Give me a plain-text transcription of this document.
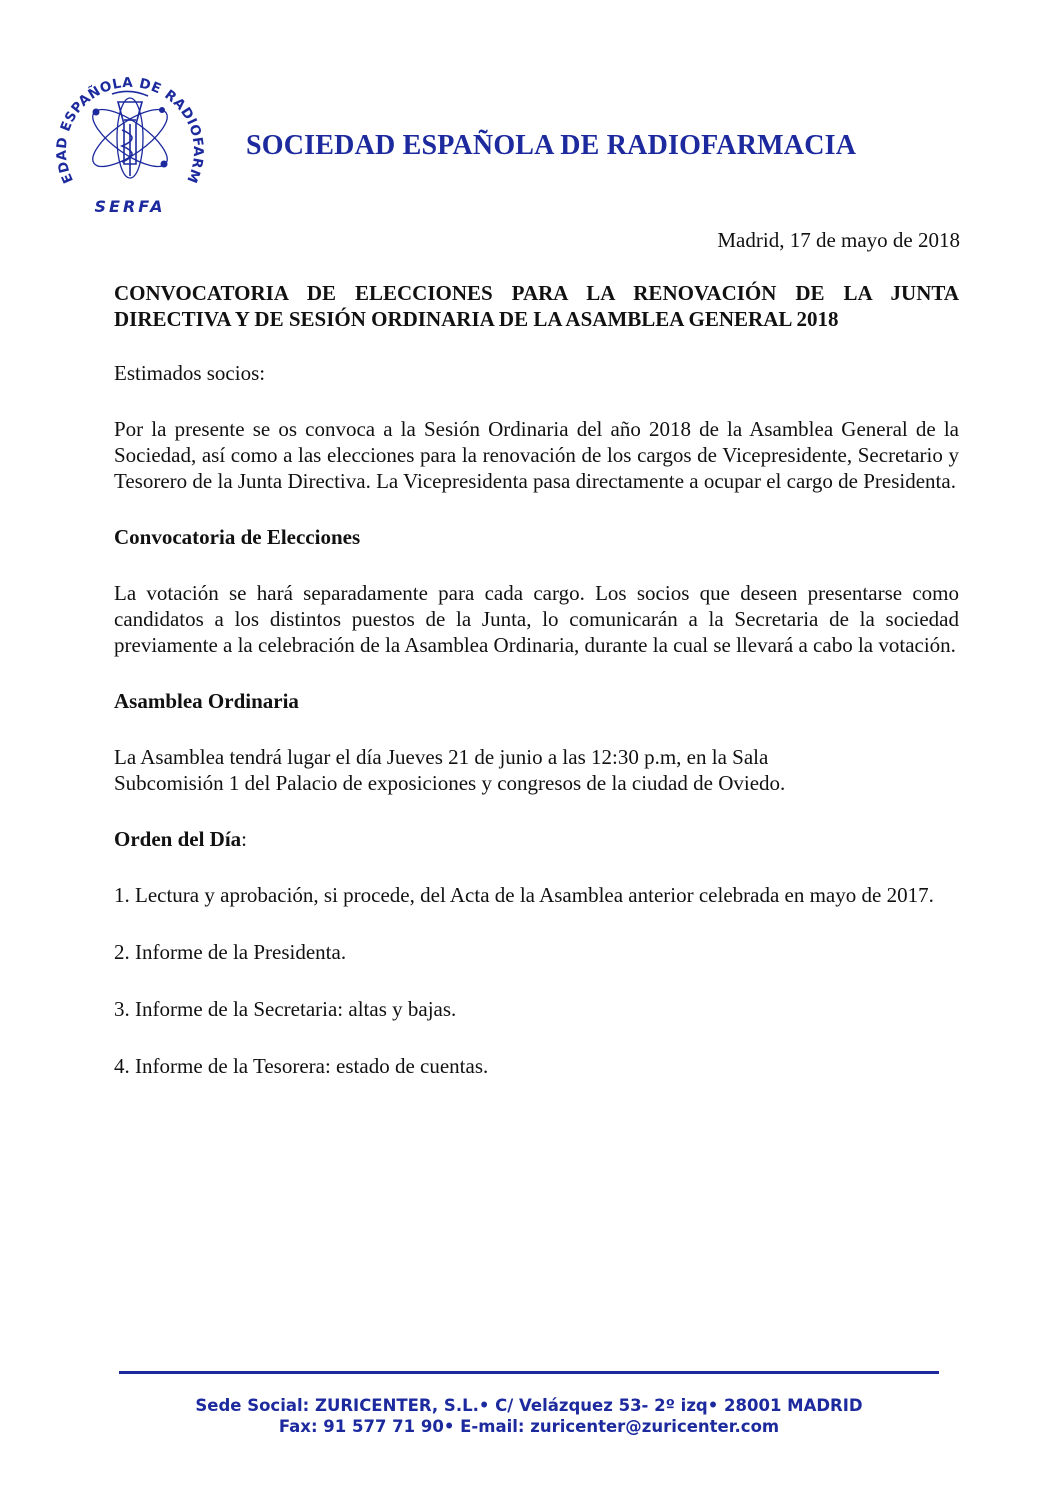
EDAD ESPAÑOLA DE RADIOFARM
SERFA
SOCIEDAD ESPAÑOLA DE RADIOFARMACIA
Madrid, 17 de mayo de 2018

CONVOCATORIA DE ELECCIONES PARA LA RENOVACIÓN DE LA JUNTA DIRECTIVA Y DE SESIÓN ORDINARIA DE LA ASAMBLEA GENERAL 2018

Estimados socios:

Por la presente se os convoca a la Sesión Ordinaria del año 2018 de la Asamblea General de la Sociedad, así como a las elecciones para la renovación de los cargos de Vicepresidente, Secretario y Tesorero de la Junta Directiva. La Vicepresidenta pasa directamente a ocupar el cargo de Presidenta.

Convocatoria de Elecciones

La votación se hará separadamente para cada cargo. Los socios que deseen presentarse como candidatos a los distintos puestos de la Junta, lo comunicarán a la Secretaria de la sociedad previamente a la celebración de la Asamblea Ordinaria, durante la cual se llevará a cabo la votación.

Asamblea Ordinaria

La Asamblea tendrá lugar el día Jueves 21 de junio a las 12:30 p.m, en la Sala
Subcomisión 1 del Palacio de exposiciones y congresos de la ciudad de Oviedo.

Orden del Día:

1. Lectura y aprobación, si procede, del Acta de la Asamblea anterior celebrada en mayo de 2017.

2. Informe de la Presidenta.

3. Informe de la Secretaria: altas y bajas.

4. Informe de la Tesorera: estado de cuentas.

Sede Social: ZURICENTER, S.L.• C/ Velázquez 53- 2º izq• 28001 MADRID
Fax: 91 577 71 90• E-mail: zuricenter@zuricenter.com
